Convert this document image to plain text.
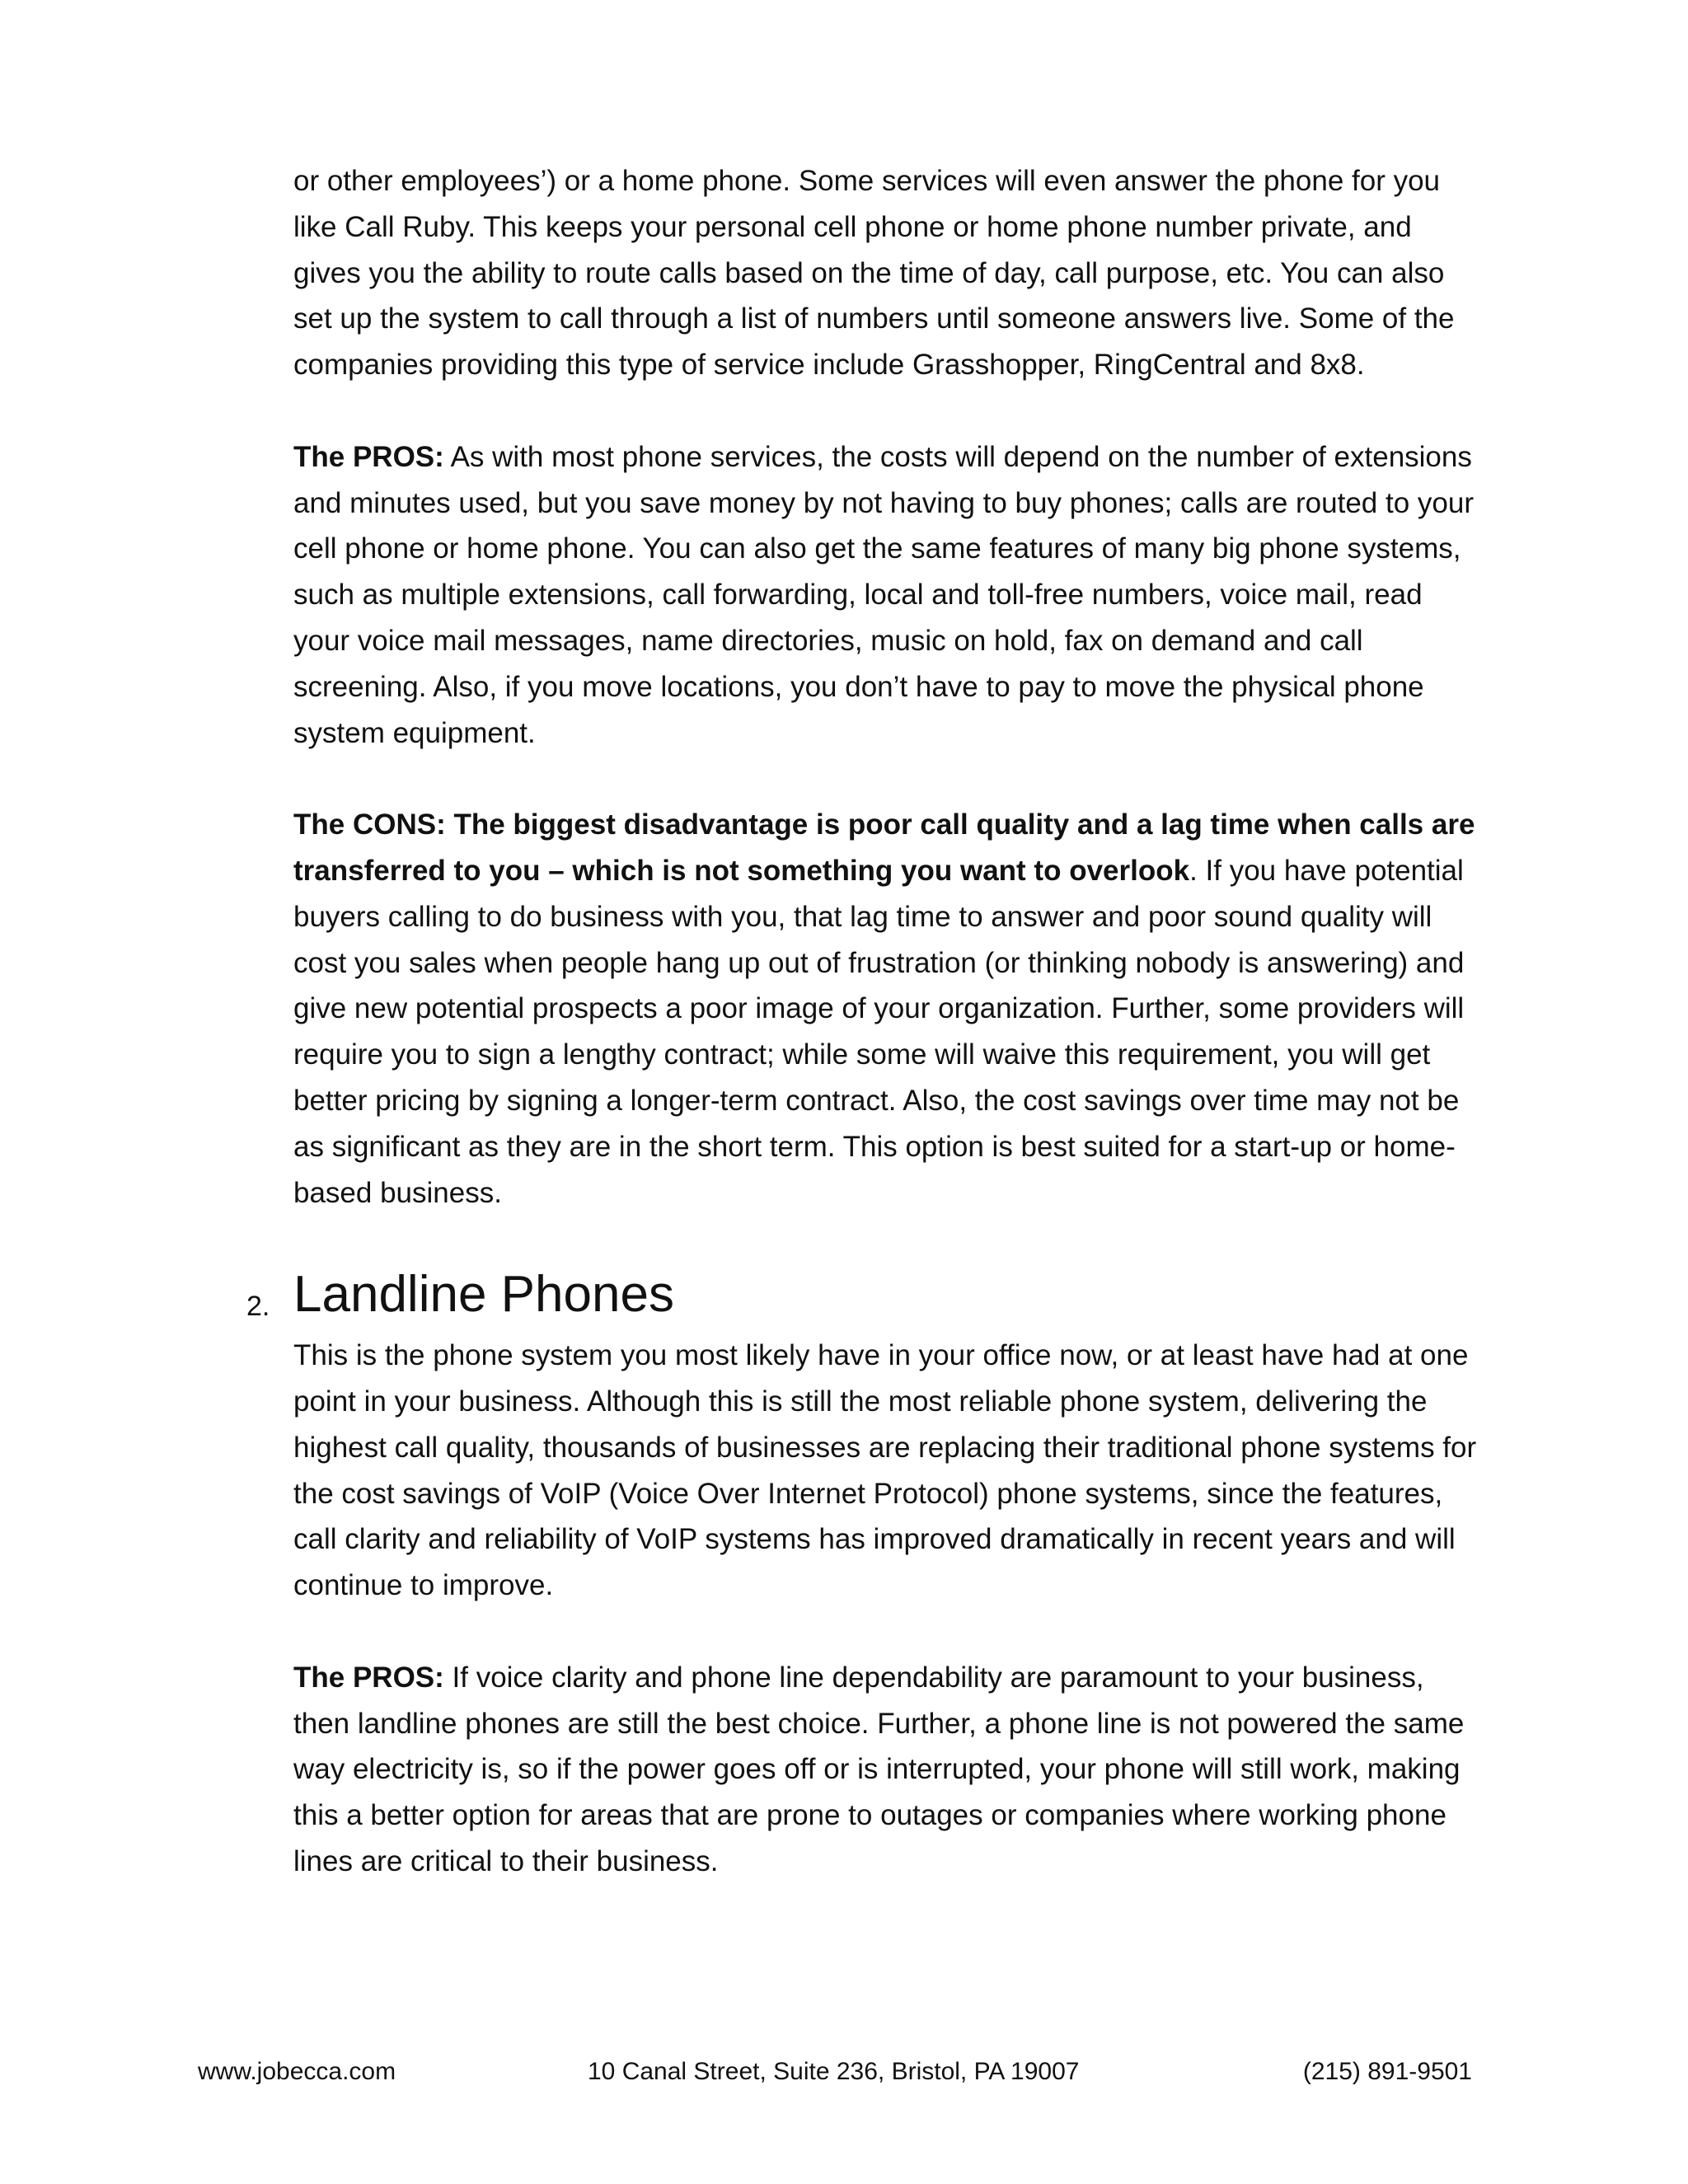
or other employees’) or a home phone. Some services will even answer the phone for you like Call Ruby. This keeps your personal cell phone or home phone number private, and gives you the ability to route calls based on the time of day, call purpose, etc. You can also set up the system to call through a list of numbers until someone answers live. Some of the companies providing this type of service include Grasshopper, RingCentral and 8x8.

The PROS: As with most phone services, the costs will depend on the number of extensions and minutes used, but you save money by not having to buy phones; calls are routed to your cell phone or home phone. You can also get the same features of many big phone systems, such as multiple extensions, call forwarding, local and toll-free numbers, voice mail, read your voice mail messages, name directories, music on hold, fax on demand and call screening. Also, if you move locations, you don’t have to pay to move the physical phone system equipment.

The CONS: The biggest disadvantage is poor call quality and a lag time when calls are transferred to you – which is not something you want to overlook. If you have potential buyers calling to do business with you, that lag time to answer and poor sound quality will cost you sales when people hang up out of frustration (or thinking nobody is answering) and give new potential prospects a poor image of your organization. Further, some providers will require you to sign a lengthy contract; while some will waive this requirement, you will get better pricing by signing a longer-term contract. Also, the cost savings over time may not be as significant as they are in the short term. This option is best suited for a start-up or home-based business.

2. Landline Phones

This is the phone system you most likely have in your office now, or at least have had at one point in your business. Although this is still the most reliable phone system, delivering the highest call quality, thousands of businesses are replacing their traditional phone systems for the cost savings of VoIP (Voice Over Internet Protocol) phone systems, since the features, call clarity and reliability of VoIP systems has improved dramatically in recent years and will continue to improve.

The PROS: If voice clarity and phone line dependability are paramount to your business, then landline phones are still the best choice. Further, a phone line is not powered the same way electricity is, so if the power goes off or is interrupted, your phone will still work, making this a better option for areas that are prone to outages or companies where working phone lines are critical to their business.

www.jobecca.com	10 Canal Street, Suite 236, Bristol, PA 19007	(215) 891-9501
